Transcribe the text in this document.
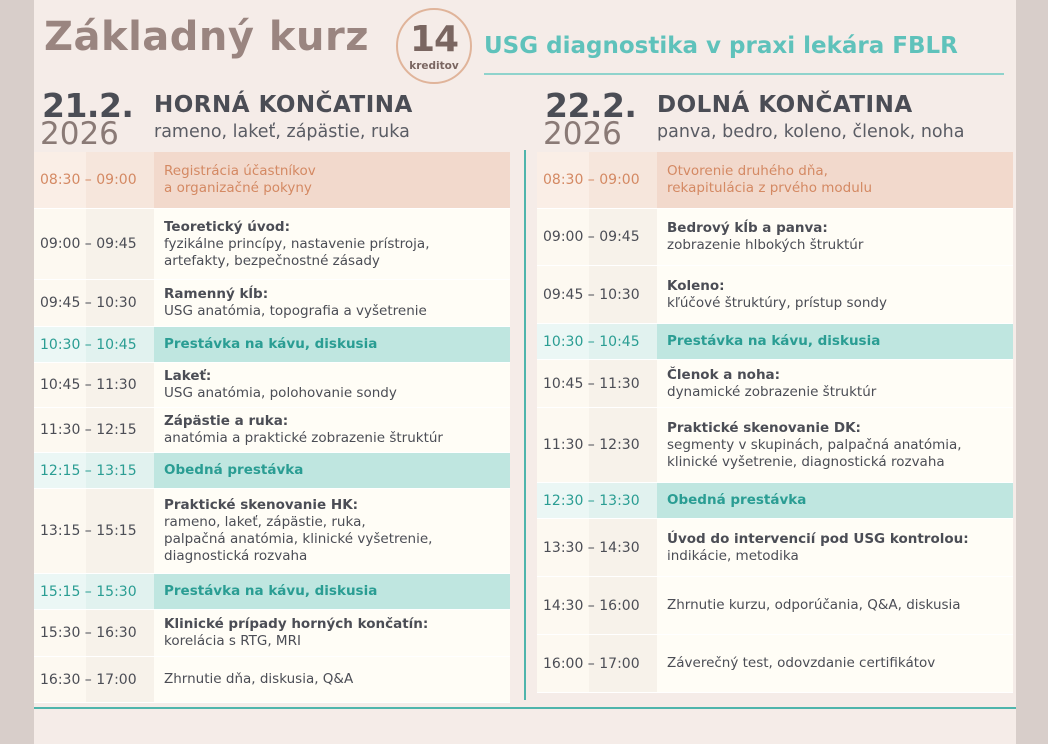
Základný kurz	14
kreditov
USG diagnostika v praxi lekára FBLR
21.2.
2026
HORNÁ KONČATINA
rameno, lakeť, zápästie, ruka
22.2.
2026
DOLNÁ KONČATINA
panva, bedro, koleno, členok, noha
08:30 – 09:00
Registrácia účastníkov
a organizačné pokyny
09:00 – 09:45
Teoretický úvod:
fyzikálne princípy, nastavenie prístroja,
artefakty, bezpečnostné zásady
09:45 – 10:30
Ramenný kĺb:
USG anatómia, topografia a vyšetrenie
10:30 – 10:45 Prestávka na kávu, diskusia
10:45 – 11:30
Lakeť:
USG anatómia, polohovanie sondy
11:30 – 12:15
Zápästie a ruka:
anatómia a praktické zobrazenie štruktúr
12:15 – 13:15 Obedná prestávka
13:15 – 15:15
Praktické skenovanie HK:
rameno, lakeť, zápästie, ruka,
palpačná anatómia, klinické vyšetrenie,
diagnostická rozvaha
15:15 – 15:30 Prestávka na kávu, diskusia
15:30 – 16:30
Klinické prípady horných končatín:
korelácia s RTG, MRI
16:30 – 17:00 Zhrnutie dňa, diskusia, Q&A
08:30 – 09:00
Otvorenie druhého dňa,
rekapitulácia z prvého modulu
09:00 – 09:45
Bedrový kĺb a panva:
zobrazenie hlbokých štruktúr
09:45 – 10:30
Koleno:
kľúčové štruktúry, prístup sondy
10:30 – 10:45 Prestávka na kávu, diskusia
10:45 – 11:30
Členok a noha:
dynamické zobrazenie štruktúr
11:30 – 12:30
Praktické skenovanie DK:
segmenty v skupinách, palpačná anatómia,
klinické vyšetrenie, diagnostická rozvaha
12:30 – 13:30 Obedná prestávka
13:30 – 14:30
Úvod do intervencií pod USG kontrolou:
indikácie, metodika
14:30 – 16:00 Zhrnutie kurzu, odporúčania, Q&A, diskusia
16:00 – 17:00 Záverečný test, odovzdanie certifikátov
